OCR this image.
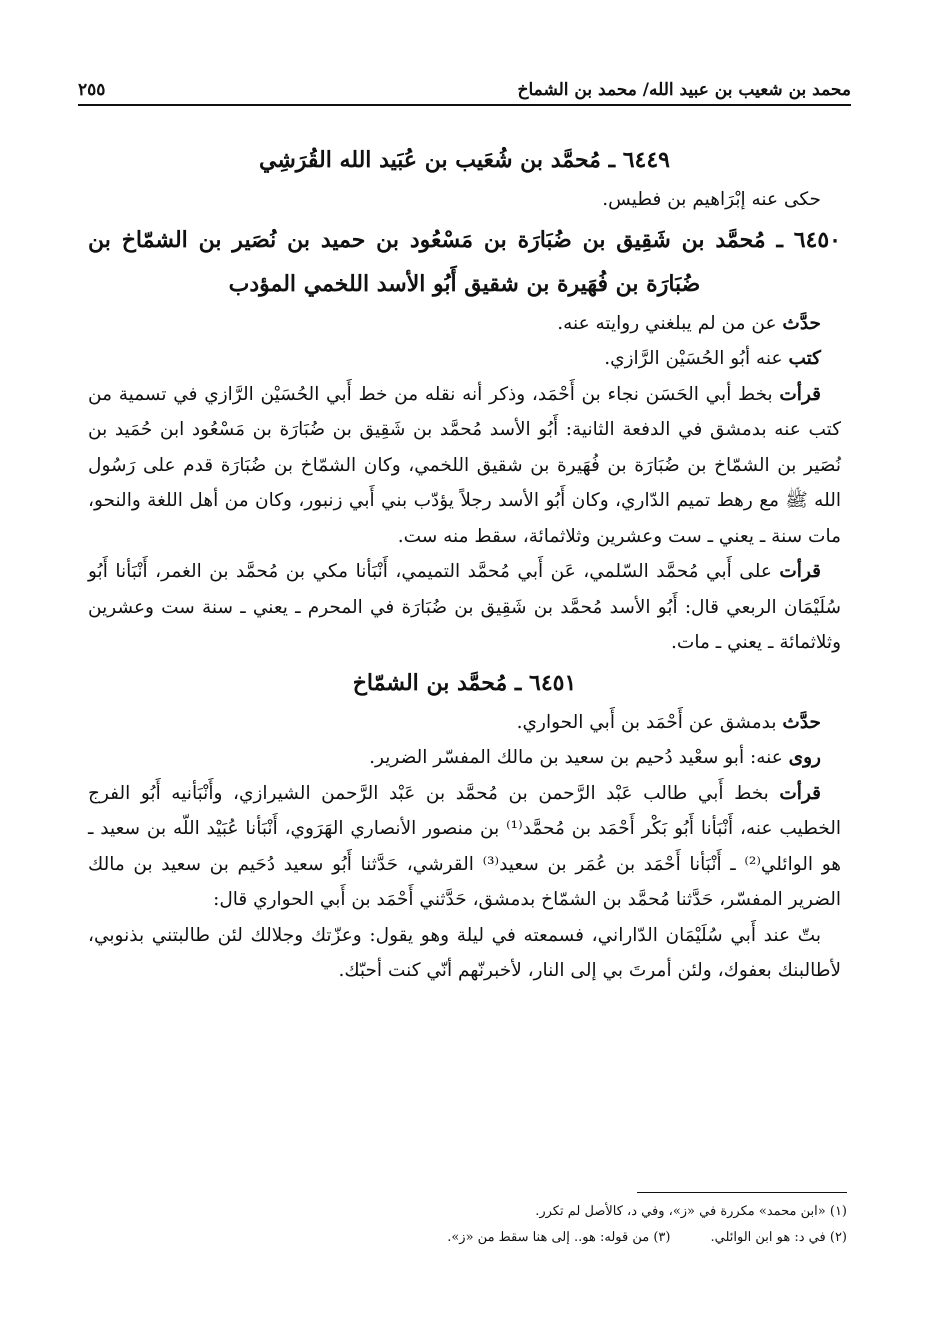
محمد بن شعيب بن عبيد الله/ محمد بن الشماخ
٢٥٥
٦٤٤٩ ـ مُحمَّد بن شُعَيب بن عُبَيد الله القُرَشِي

حكى عنه إبْرَاهيم بن فطيس.

٦٤٥٠ ـ مُحمَّد بن شَقِيق بن ضُبَارَة بن مَسْعُود بن حميد بن نُصَير بن الشمّاخ بن ضُبَارَة بن فُهَيرة بن شقيق أَبُو الأسد اللخمي المؤدب

حدَّث عن من لم يبلغني روايته عنه.

كتب عنه أبُو الحُسَيْن الرَّازي.

قرأت بخط أبي الحَسَن نجاء بن أَحْمَد، وذكر أنه نقله من خط أَبي الحُسَيْن الرَّازي في تسمية من كتب عنه بدمشق في الدفعة الثانية: أَبُو الأسد مُحمَّد بن شَقِيق بن ضُبَارَة بن مَسْعُود ابن حُمَيد بن نُصَير بن الشمّاخ بن ضُبَارَة بن فُهَيرة بن شقيق اللخمي، وكان الشمّاخ بن ضُبَارَة قدم على رَسُول الله ﷺ مع رهط تميم الدّاري، وكان أَبُو الأسد رجلاً يؤدّب بني أَبي زنبور، وكان من أهل اللغة والنحو، مات سنة ـ يعني ـ ست وعشرين وثلاثمائة، سقط منه ست.

قرأت على أَبي مُحمَّد السّلمي، عَن أَبي مُحمَّد التميمي، أَنْبَأنا مكي بن مُحمَّد بن الغمر، أَنْبَأنا أَبُو سُلَيْمَان الربعي قال: أَبُو الأسد مُحمَّد بن شَقِيق بن ضُبَارَة في المحرم ـ يعني ـ سنة ست وعشرين وثلاثمائة ـ يعني ـ مات.

٦٤٥١ ـ مُحمَّد بن الشمّاخ

حدَّث بدمشق عن أَحْمَد بن أَبي الحواري.

روى عنه: أبو سعْيد دُحيم بن سعيد بن مالك المفسّر الضرير.

قرأت بخط أَبي طالب عَبْد الرَّحمن بن مُحمَّد بن عَبْد الرَّحمن الشيرازي، وأَنْبَأنيه أَبُو الفرج الخطيب عنه، أَنْبَأنا أَبُو بَكْر أَحْمَد بن مُحمَّد⁽¹⁾ بن منصور الأنصاري الهَرَوي، أَنْبَأنا عُبَيْد اللّه بن سعيد ـ هو الوائلي⁽²⁾ ـ أَنْبَأنا أَحْمَد بن عُمَر بن سعيد⁽³⁾ القرشي، حَدَّثنا أَبُو سعيد دُحَيم بن سعيد بن مالك الضرير المفسّر، حَدَّثنا مُحمَّد بن الشمّاخ بدمشق، حَدَّثني أَحْمَد بن أَبي الحواري قال:

بتّ عند أَبي سُلَيْمَان الدّاراني، فسمعته في ليلة وهو يقول: وعزّتك وجلالك لئن طالبتني بذنوبي، لأطالبنك بعفوك، ولئن أمرتَ بي إلى النار، لأخبرنّهم أنّي كنت أحبّك.

(١) «ابن محمد» مكررة في «ز»، وفي د، كالأصل لم تكرر.
(٢) في د: هو ابن الوائلي.
(٣) من قوله: هو.. إلى هنا سقط من «ز».
